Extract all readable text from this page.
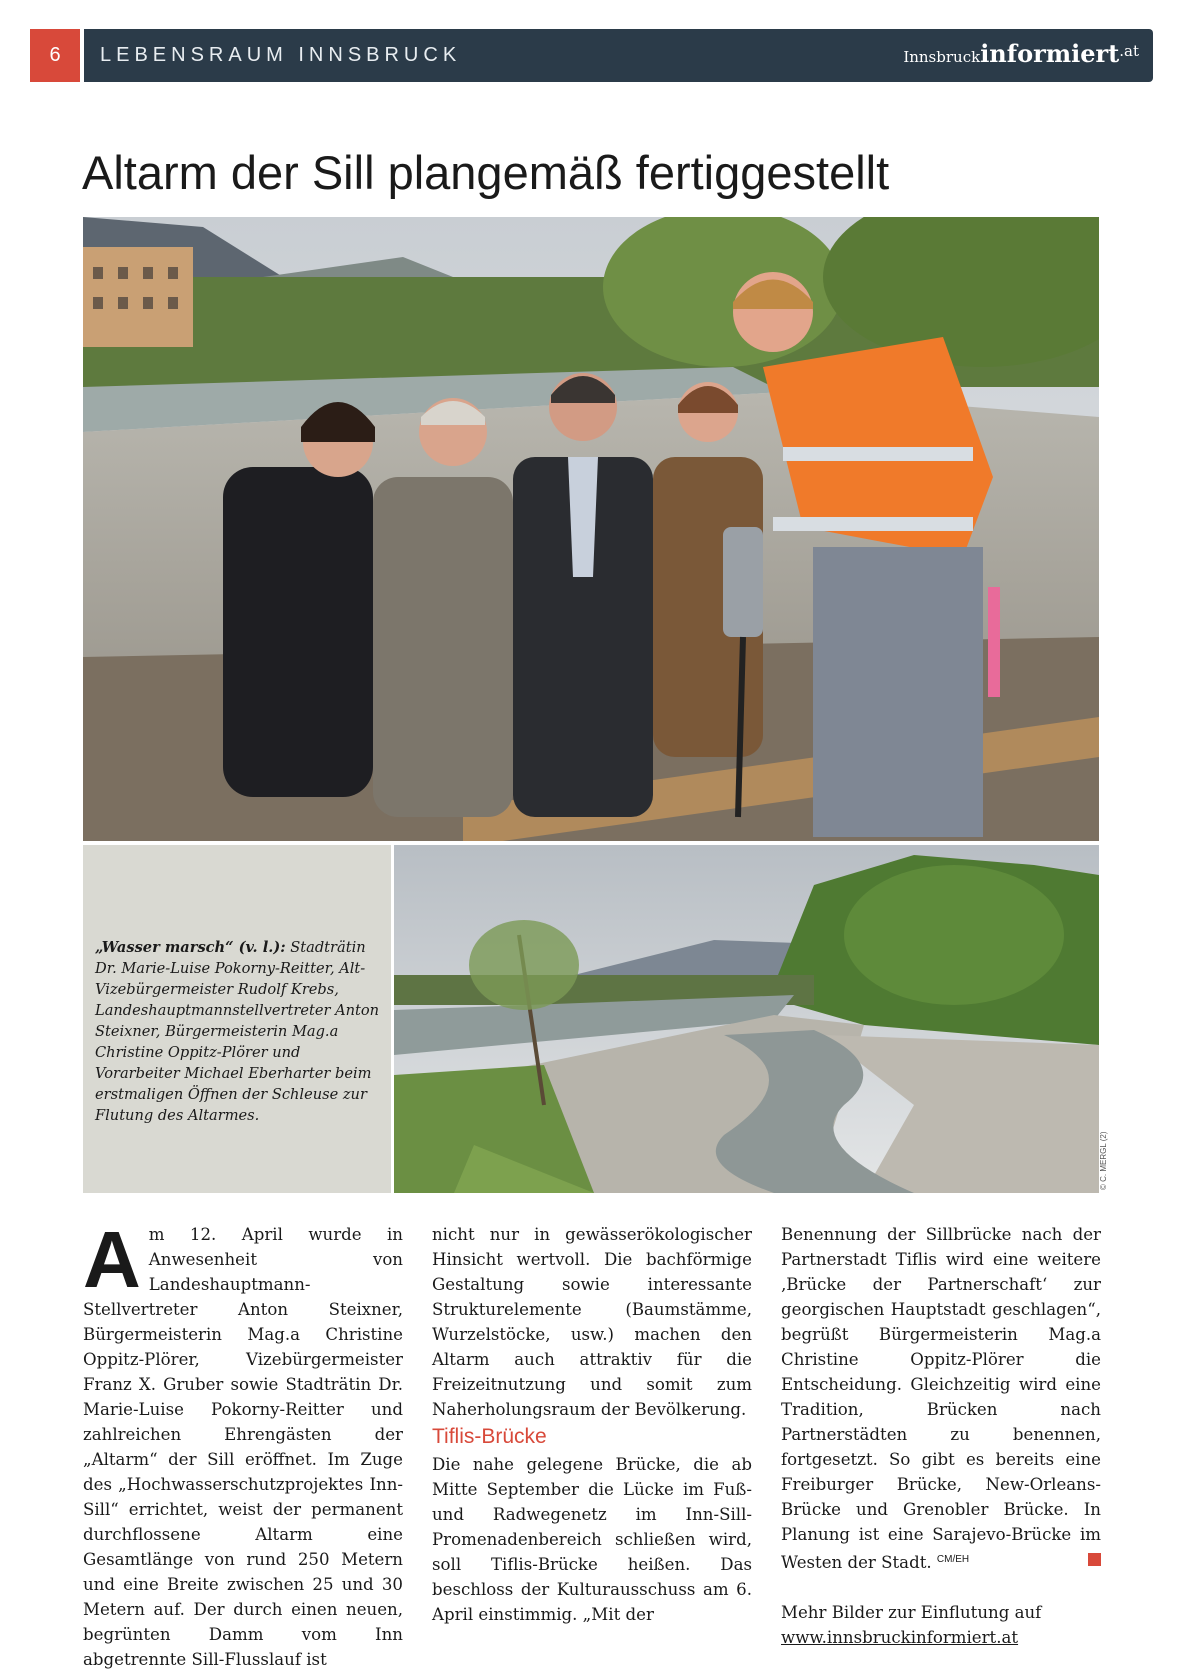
6	LEBENSRAUM INNSBRUCK	Innsbruckinformiert.at
Altarm der Sill plangemäß fertiggestellt
„Wasser marsch“ (v. l.): Stadträtin Dr. Marie-Luise Pokorny-Reitter, Alt-Vizebürgermeister Rudolf Krebs, Landeshauptmannstellvertreter Anton Steixner, Bürgermeisterin Mag.a Christine Oppitz-Plörer und Vorarbeiter Michael Eberharter beim erstmaligen Öffnen der Schleuse zur Flutung des Altarmes.
© C. MERGL (2)

Am 12. April wurde in Anwesenheit von Landeshauptmann-Stellvertreter Anton Steixner, Bürgermeisterin Mag.a Christine Oppitz-Plörer, Vizebürgermeister Franz X. Gruber sowie Stadträtin Dr. Marie-Luise Pokorny-Reitter und zahlreichen Ehrengästen der „Altarm“ der Sill eröffnet. Im Zuge des „Hochwasserschutzprojektes Inn-Sill“ errichtet, weist der permanent durchflossene Altarm eine Gesamtlänge von rund 250 Metern und eine Breite zwischen 25 und 30 Metern auf. Der durch einen neuen, begrünten Damm vom Inn abgetrennte Sill-Flusslauf ist

nicht nur in gewässerökologischer Hinsicht wertvoll. Die bachförmige Gestaltung sowie interessante Strukturelemente (Baumstämme, Wurzelstöcke, usw.) machen den Altarm auch attraktiv für die Freizeitnutzung und somit zum Naherholungsraum der Bevölkerung.

Tiflis-Brücke

Die nahe gelegene Brücke, die ab Mitte September die Lücke im Fuß- und Radwegenetz im Inn-Sill-Promenadenbereich schließen wird, soll Tiflis-Brücke heißen. Das beschloss der Kulturausschuss am 6. April einstimmig. „Mit der

Benennung der Sillbrücke nach der Partnerstadt Tiflis wird eine weitere ‚Brücke der Partnerschaft‘ zur georgischen Hauptstadt geschlagen“, begrüßt Bürgermeisterin Mag.a Christine Oppitz-Plörer die Entscheidung. Gleichzeitig wird eine Tradition, Brücken nach Partnerstädten zu benennen, fortgesetzt. So gibt es bereits eine Freiburger Brücke, New-Orleans-Brücke und Grenobler Brücke. In Planung ist eine Sarajevo-Brücke im Westen der Stadt. $^{CM/EH}$

Mehr Bilder zur Einflutung auf
www.innsbruckinformiert.at
